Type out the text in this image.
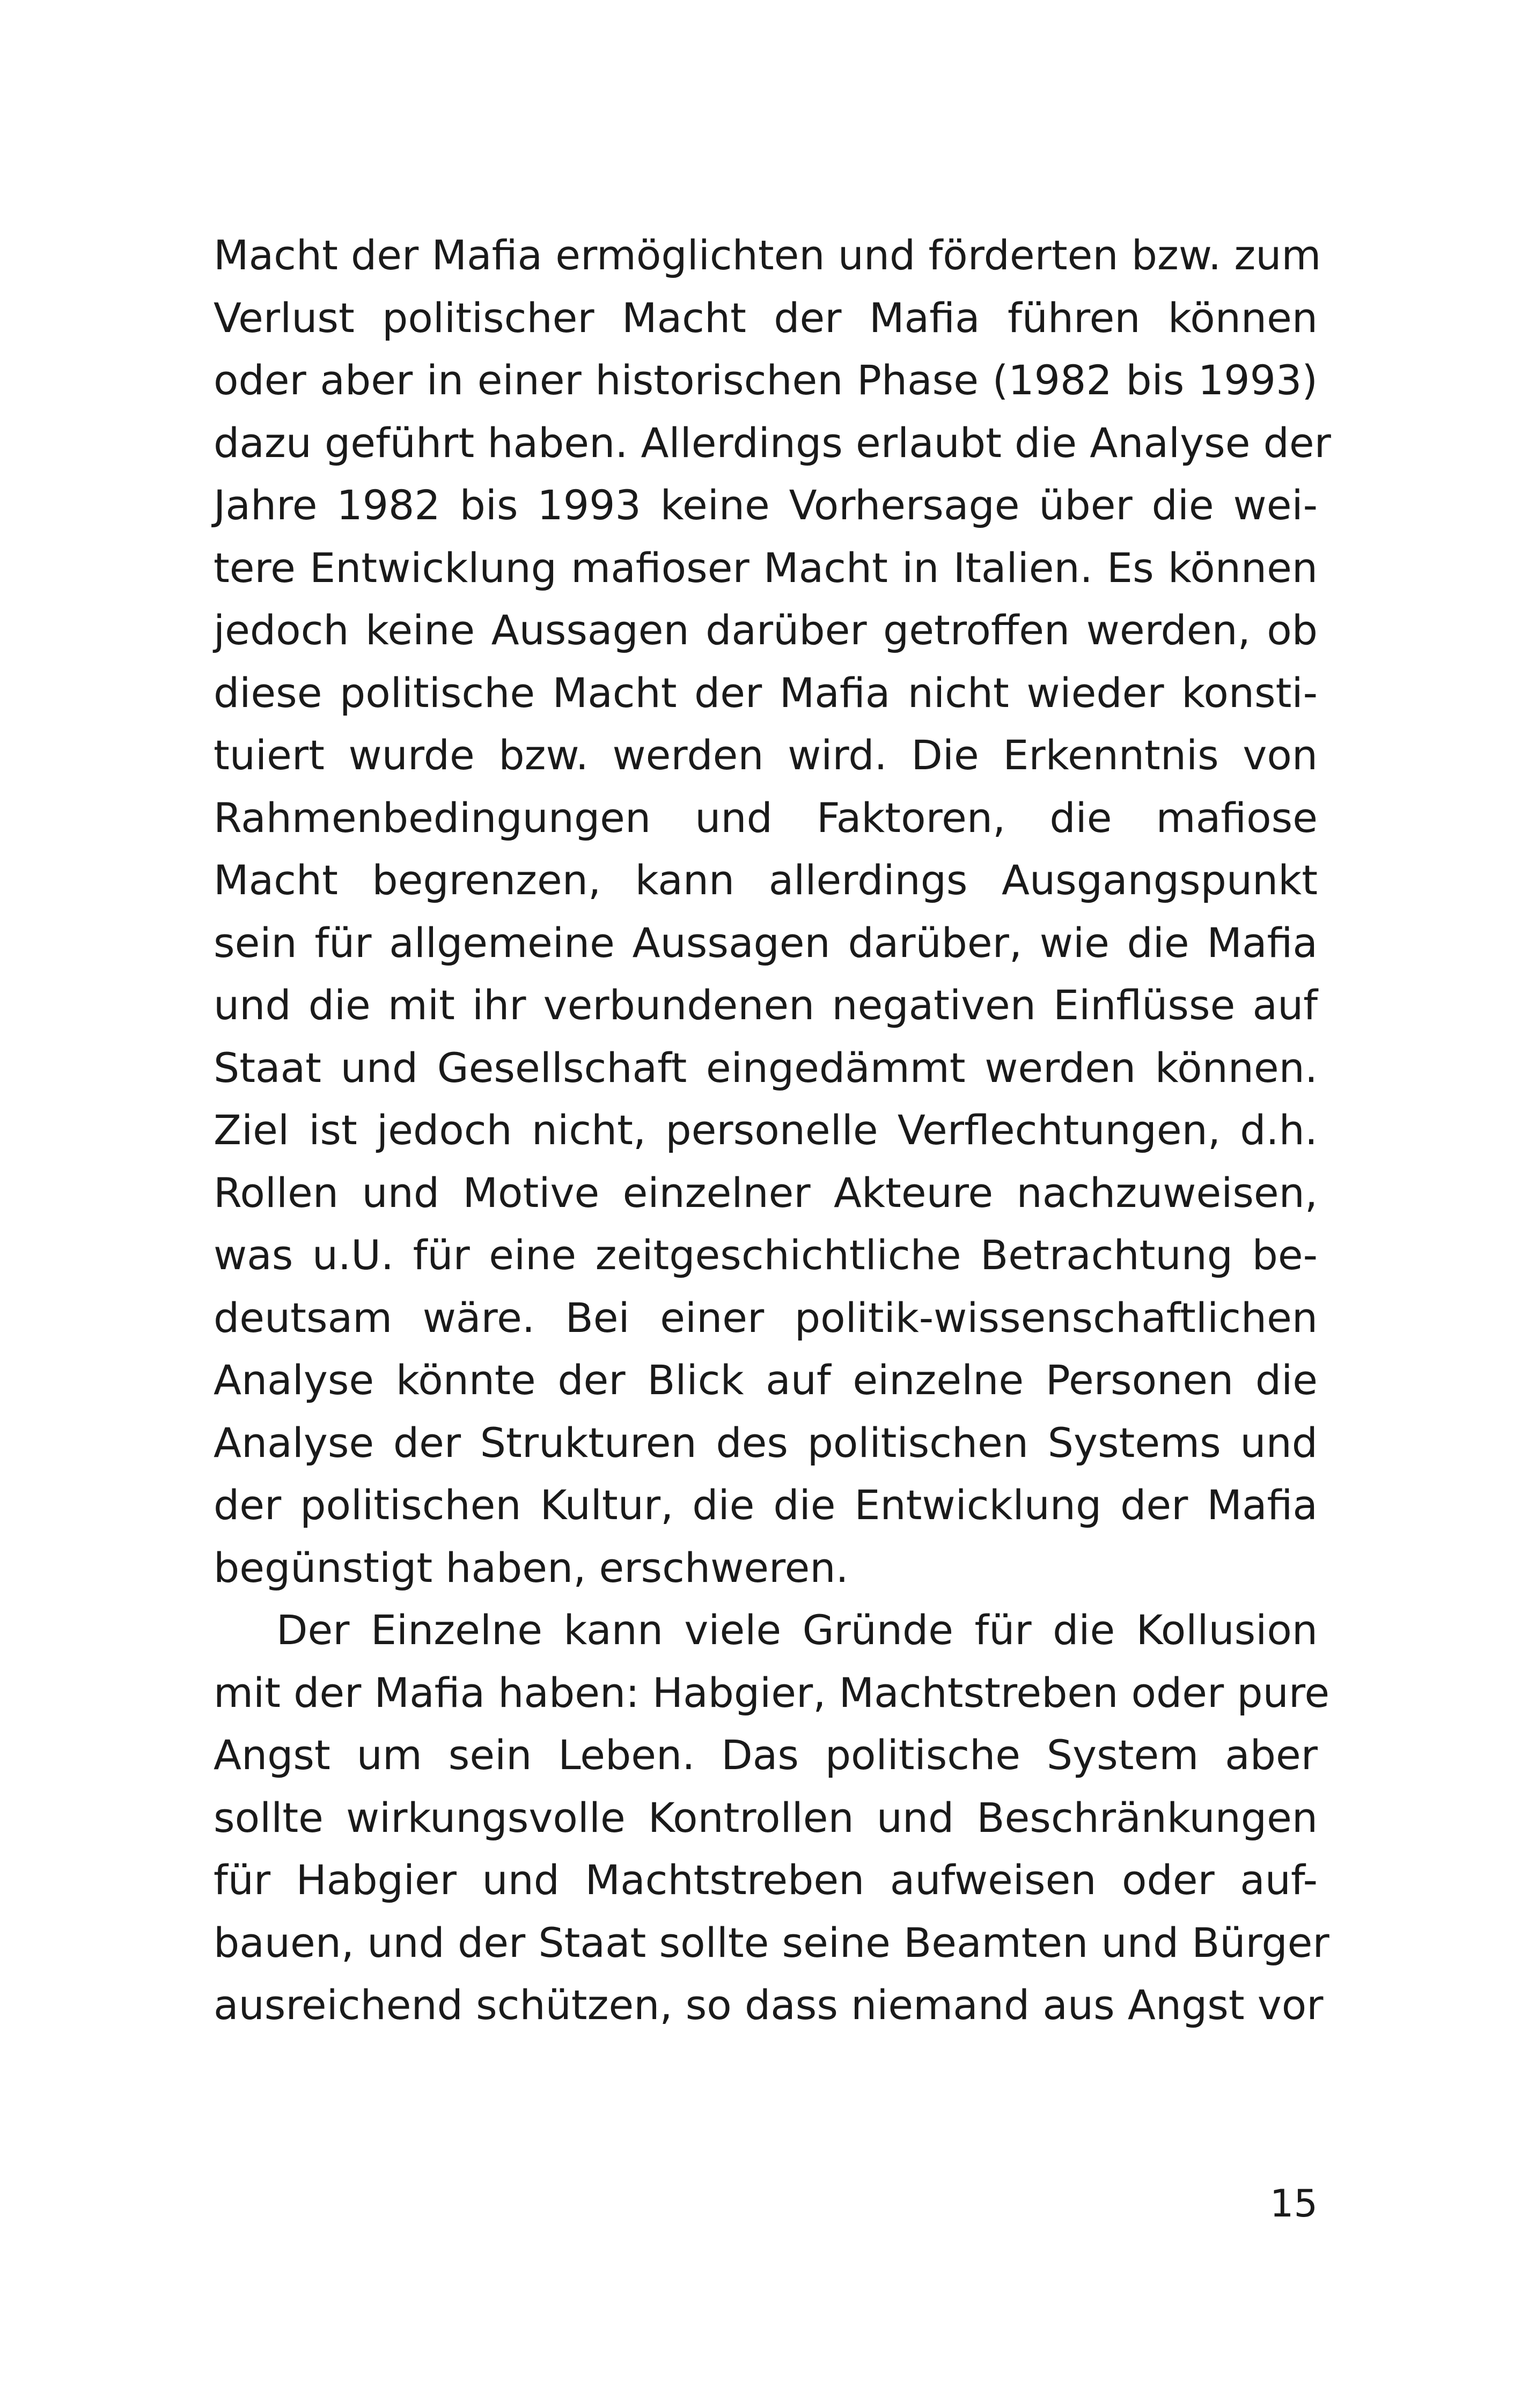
Macht der Mafia ermöglichten und förderten bzw. zum
Verlust politischer Macht der Mafia führen können
oder aber in einer historischen Phase (1982 bis 1993)
dazu geführt haben. Allerdings erlaubt die Analyse der
Jahre 1982 bis 1993 keine Vorhersage über die wei-
tere Entwicklung mafioser Macht in Italien. Es können
jedoch keine Aussagen darüber getroffen werden, ob
diese politische Macht der Mafia nicht wieder konsti-
tuiert wurde bzw. werden wird. Die Erkenntnis von
Rahmenbedingungen und Faktoren, die mafiose
Macht begrenzen, kann allerdings Ausgangspunkt
sein für allgemeine Aussagen darüber, wie die Mafia
und die mit ihr verbundenen negativen Einflüsse auf
Staat und Gesellschaft eingedämmt werden können.
Ziel ist jedoch nicht, personelle Verflechtungen, d.h.
Rollen und Motive einzelner Akteure nachzuweisen,
was u.U. für eine zeitgeschichtliche Betrachtung be-
deutsam wäre. Bei einer politik-wissenschaftlichen
Analyse könnte der Blick auf einzelne Personen die
Analyse der Strukturen des politischen Systems und
der politischen Kultur, die die Entwicklung der Mafia
begünstigt haben, erschweren.
Der Einzelne kann viele Gründe für die Kollusion
mit der Mafia haben: Habgier, Machtstreben oder pure
Angst um sein Leben. Das politische System aber
sollte wirkungsvolle Kontrollen und Beschränkungen
für Habgier und Machtstreben aufweisen oder auf-
bauen, und der Staat sollte seine Beamten und Bürger
ausreichend schützen, so dass niemand aus Angst vor
15
